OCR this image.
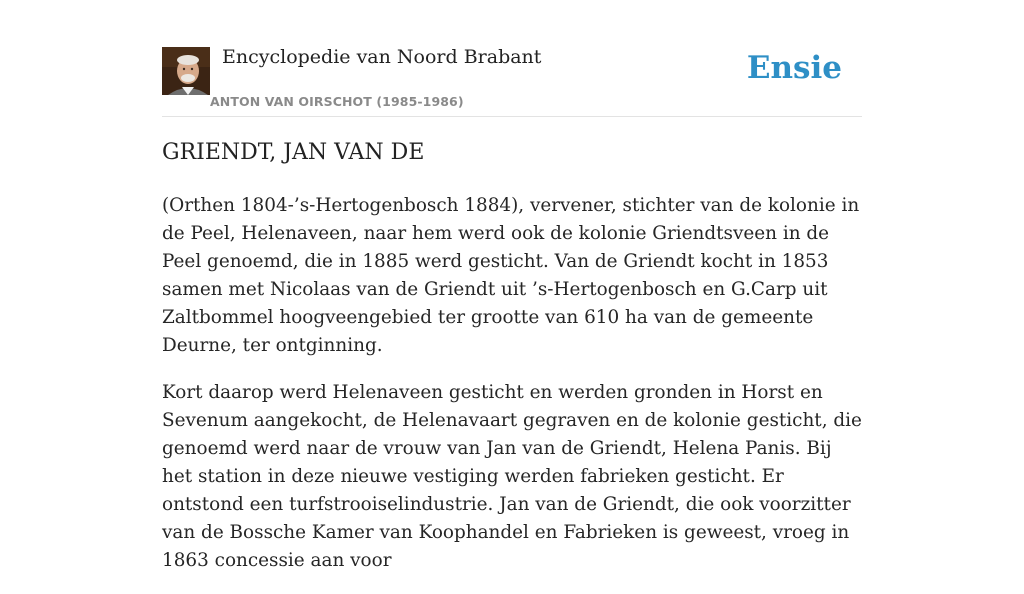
Encyclopedie van Noord Brabant
ANTON VAN OIRSCHOT (1985-1986)
Ensie
GRIENDT, JAN VAN DE

(Orthen 1804-’s-Hertogenbosch 1884), vervener, stichter van de kolonie in de Peel, Helenaveen, naar hem werd ook de kolonie Griendtsveen in de Peel genoemd, die in 1885 werd gesticht. Van de Griendt kocht in 1853 samen met Nicolaas van de Griendt uit ’s-Hertogenbosch en G.Carp uit Zaltbommel hoogveengebied ter grootte van 610 ha van de gemeente Deurne, ter ontginning.

Kort daarop werd Helenaveen gesticht en werden gronden in Horst en Sevenum aangekocht, de Helenavaart gegraven en de kolonie gesticht, die genoemd werd naar de vrouw van Jan van de Griendt, Helena Panis. Bij het station in deze nieuwe vestiging werden fabrieken gesticht. Er ontstond een turfstrooiselindustrie. Jan van de Griendt, die ook voorzitter van de Bossche Kamer van Koophandel en Fabrieken is geweest, vroeg in 1863 concessie aan voor
